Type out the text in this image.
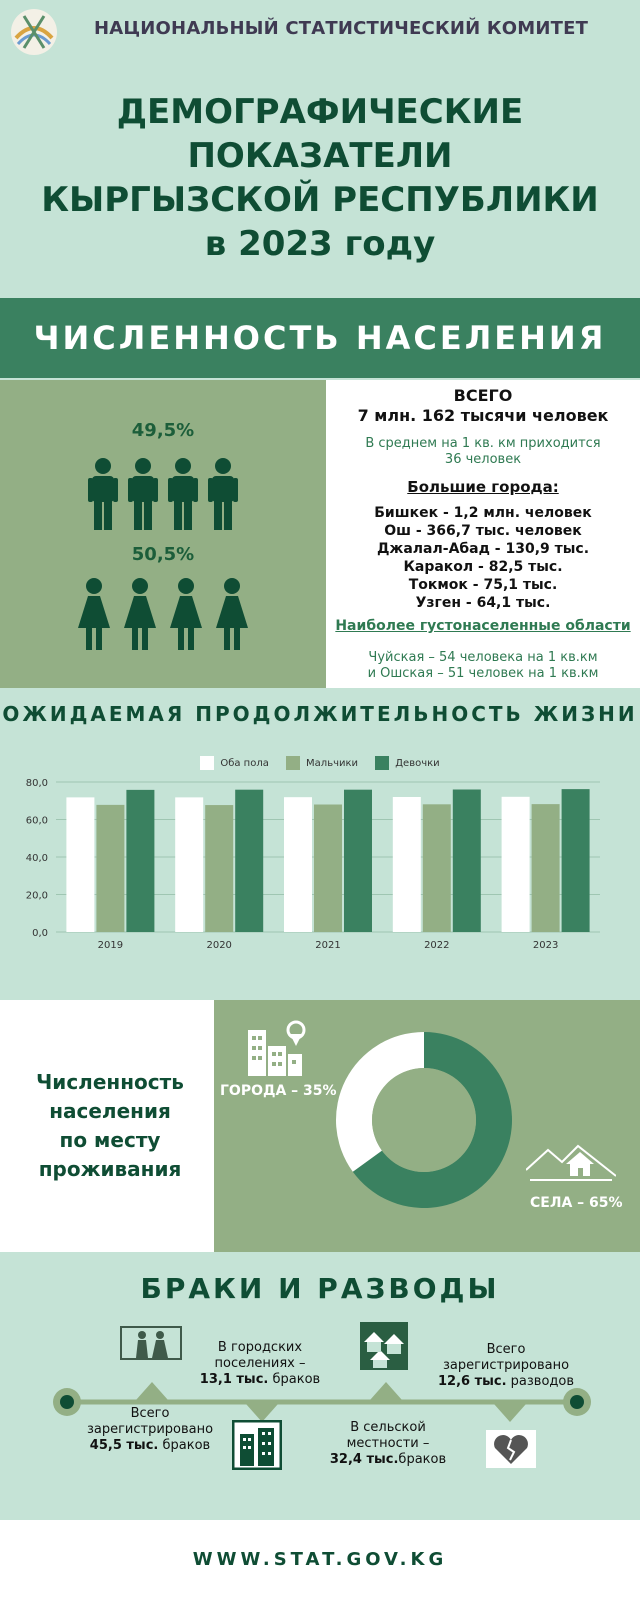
НАЦИОНАЛЬНЫЙ СТАТИСТИЧЕСКИЙ КОМИТЕТ
ДЕМОГРАФИЧЕСКИЕ
ПОКАЗАТЕЛИ
КЫРГЫЗСКОЙ РЕСПУБЛИКИ
в 2023 году
ЧИСЛЕННОСТЬ НАСЕЛЕНИЯ
49,5%
50,5%
ВСЕГО
7 млн. 162 тысячи человек
В среднем на 1 кв. км приходится
36 человек
Большие города:
Бишкек - 1,2 млн. человек
Ош - 366,7 тыс. человек
Джалал-Абад - 130,9 тыс.
Каракол - 82,5 тыс.
Токмок - 75,1 тыс.
Узген - 64,1 тыс.
Наиболее густонаселенные области
Чуйская – 54 человека на 1 кв.км
и Ошская – 51 человек на 1 кв.км
ОЖИДАЕМАЯ ПРОДОЛЖИТЕЛЬНОСТЬ ЖИЗНИ
Оба пола	Мальчики	Девочки
0,0
20,0
40,0
60,0
80,0
2019	2020	2021	2022	2023
Численность
населения
по месту
проживания
ГОРОДА – 35%
СЕЛА – 65%
БРАКИ И РАЗВОДЫ
Всего
зарегистрировано
45,5 тыс. браков
В городских
поселениях –
13,1 тыс. браков
В сельской
местности –
32,4 тыс.браков
Всего
зарегистрировано
12,6 тыс. разводов
WWW.STAT.GOV.KG
